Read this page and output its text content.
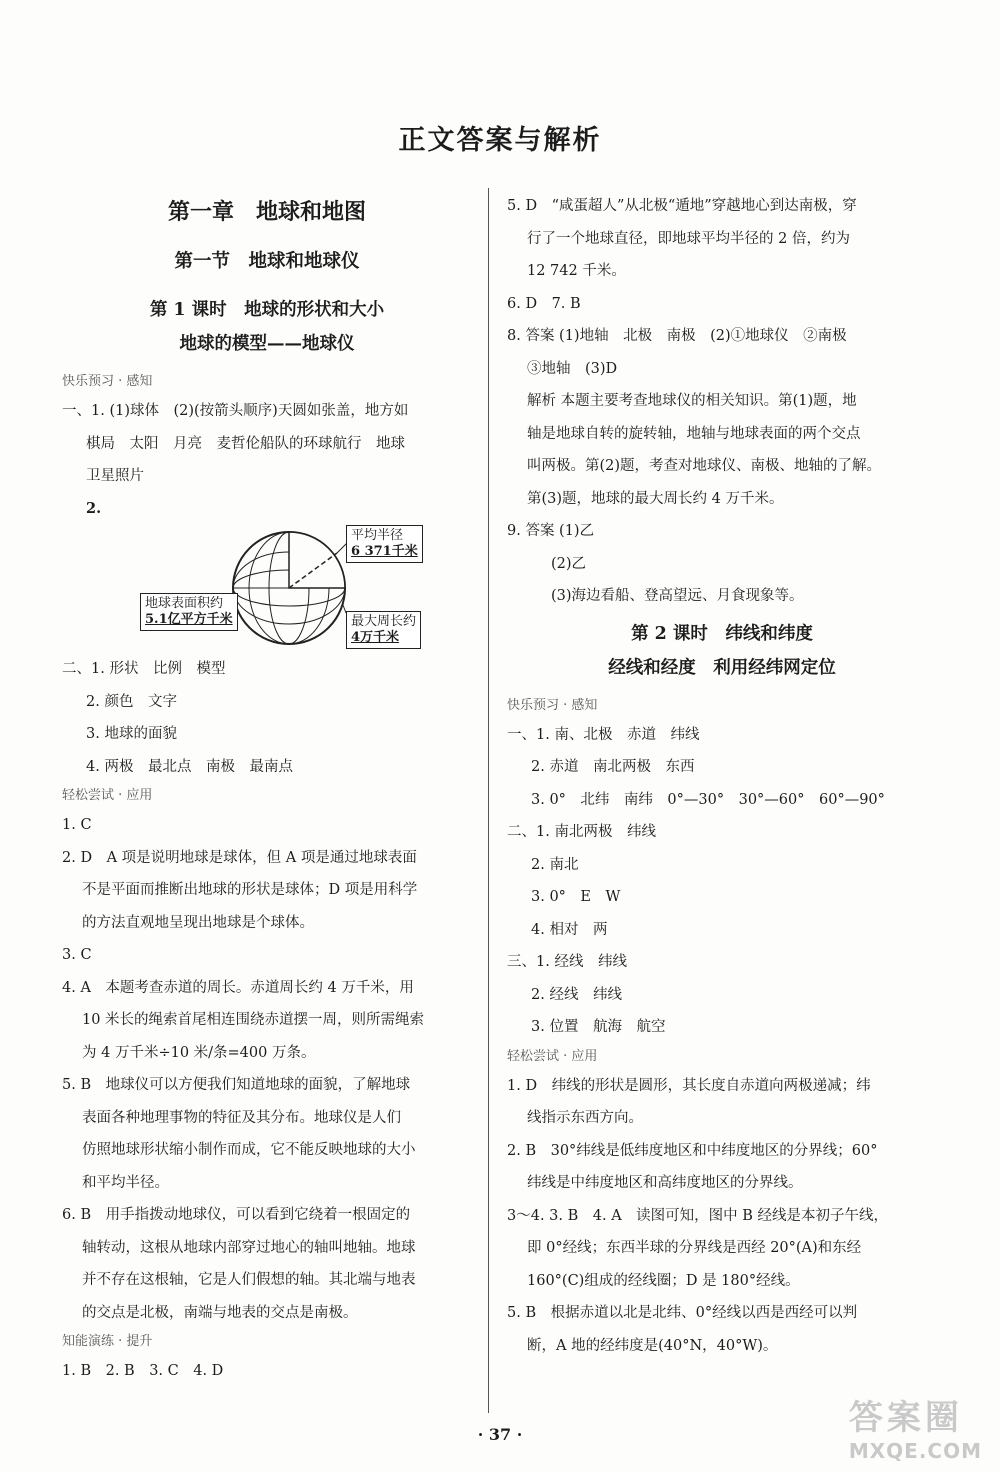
正文答案与解析
第一章　地球和地图
第一节　地球和地球仪
第 1 课时　地球的形状和大小
地球的模型——地球仪
快乐预习 · 感知
一、1. (1)球体　(2)(按箭头顺序)天圆如张盖，地方如
棋局　太阳　月亮　麦哲伦船队的环球航行　地球
卫星照片
2.
平均半径
6 371千米
地球表面积约
5.1亿平方千米	最大周长约
4万千米
二、1. 形状　比例　模型
2. 颜色　文字
3. 地球的面貌
4. 两极　最北点　南极　最南点
轻松尝试 · 应用
1. C
2. D　A 项是说明地球是球体，但 A 项是通过地球表面
不是平面而推断出地球的形状是球体；D 项是用科学
的方法直观地呈现出地球是个球体。
3. C
4. A　本题考查赤道的周长。赤道周长约 4 万千米，用
10 米长的绳索首尾相连围绕赤道摆一周，则所需绳索
为 4 万千米÷10 米/条=400 万条。
5. B　地球仪可以方便我们知道地球的面貌，了解地球
表面各种地理事物的特征及其分布。地球仪是人们
仿照地球形状缩小制作而成，它不能反映地球的大小
和平均半径。
6. B　用手指拨动地球仪，可以看到它绕着一根固定的
轴转动，这根从地球内部穿过地心的轴叫地轴。地球
并不存在这根轴，它是人们假想的轴。其北端与地表
的交点是北极，南端与地表的交点是南极。
知能演练 · 提升
1. B　2. B　3. C　4. D
5. D　“咸蛋超人”从北极“遁地”穿越地心到达南极，穿
行了一个地球直径，即地球平均半径的 2 倍，约为
12 742 千米。
6. D　7. B
8. 答案 (1)地轴　北极　南极　(2)①地球仪　②南极
③地轴　(3)D
解析 本题主要考查地球仪的相关知识。第(1)题，地
轴是地球自转的旋转轴，地轴与地球表面的两个交点
叫两极。第(2)题，考查对地球仪、南极、地轴的了解。
第(3)题，地球的最大周长约 4 万千米。
9. 答案 (1)乙
(2)乙
(3)海边看船、登高望远、月食现象等。
第 2 课时　纬线和纬度
经线和经度　利用经纬网定位
快乐预习 · 感知
一、1. 南、北极　赤道　纬线
2. 赤道　南北两极　东西
3. 0°　北纬　南纬　0°—30°　30°—60°　60°—90°
二、1. 南北两极　纬线
2. 南北
3. 0°　E　W
4. 相对　两
三、1. 经线　纬线
2. 经线　纬线
3. 位置　航海　航空
轻松尝试 · 应用
1. D　纬线的形状是圆形，其长度自赤道向两极递减；纬
线指示东西方向。
2. B　30°纬线是低纬度地区和中纬度地区的分界线；60°
纬线是中纬度地区和高纬度地区的分界线。
3～4. 3. B　4. A　读图可知，图中 B 经线是本初子午线，
即 0°经线；东西半球的分界线是西经 20°(A)和东经
160°(C)组成的经线圈；D 是 180°经线。
5. B　根据赤道以北是北纬、0°经线以西是西经可以判
断，A 地的经纬度是(40°N，40°W)。
· 37 ·	答案圈
MXQE.COM
